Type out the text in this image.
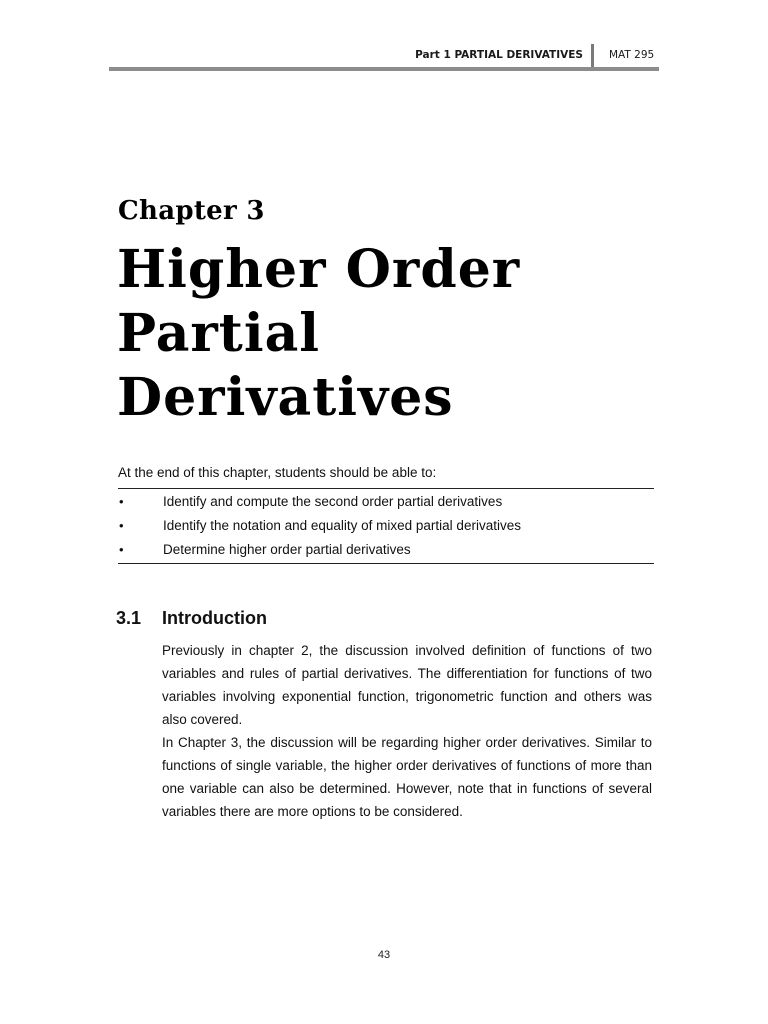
Part 1 PARTIAL DERIVATIVES MAT 295
Chapter 3
Higher Order
Partial
Derivatives
At the end of this chapter, students should be able to:
•	Identify and compute the second order partial derivatives
•	Identify the notation and equality of mixed partial derivatives
•	Determine higher order partial derivatives
3.1 Introduction

Previously in chapter 2, the discussion involved definition of functions of two variables and rules of partial derivatives. The differentiation for functions of two variables involving exponential function, trigonometric function and others was also covered.

In Chapter 3, the discussion will be regarding higher order derivatives. Similar to functions of single variable, the higher order derivatives of functions of more than one variable can also be determined. However, note that in functions of several variables there are more options to be considered.

43
